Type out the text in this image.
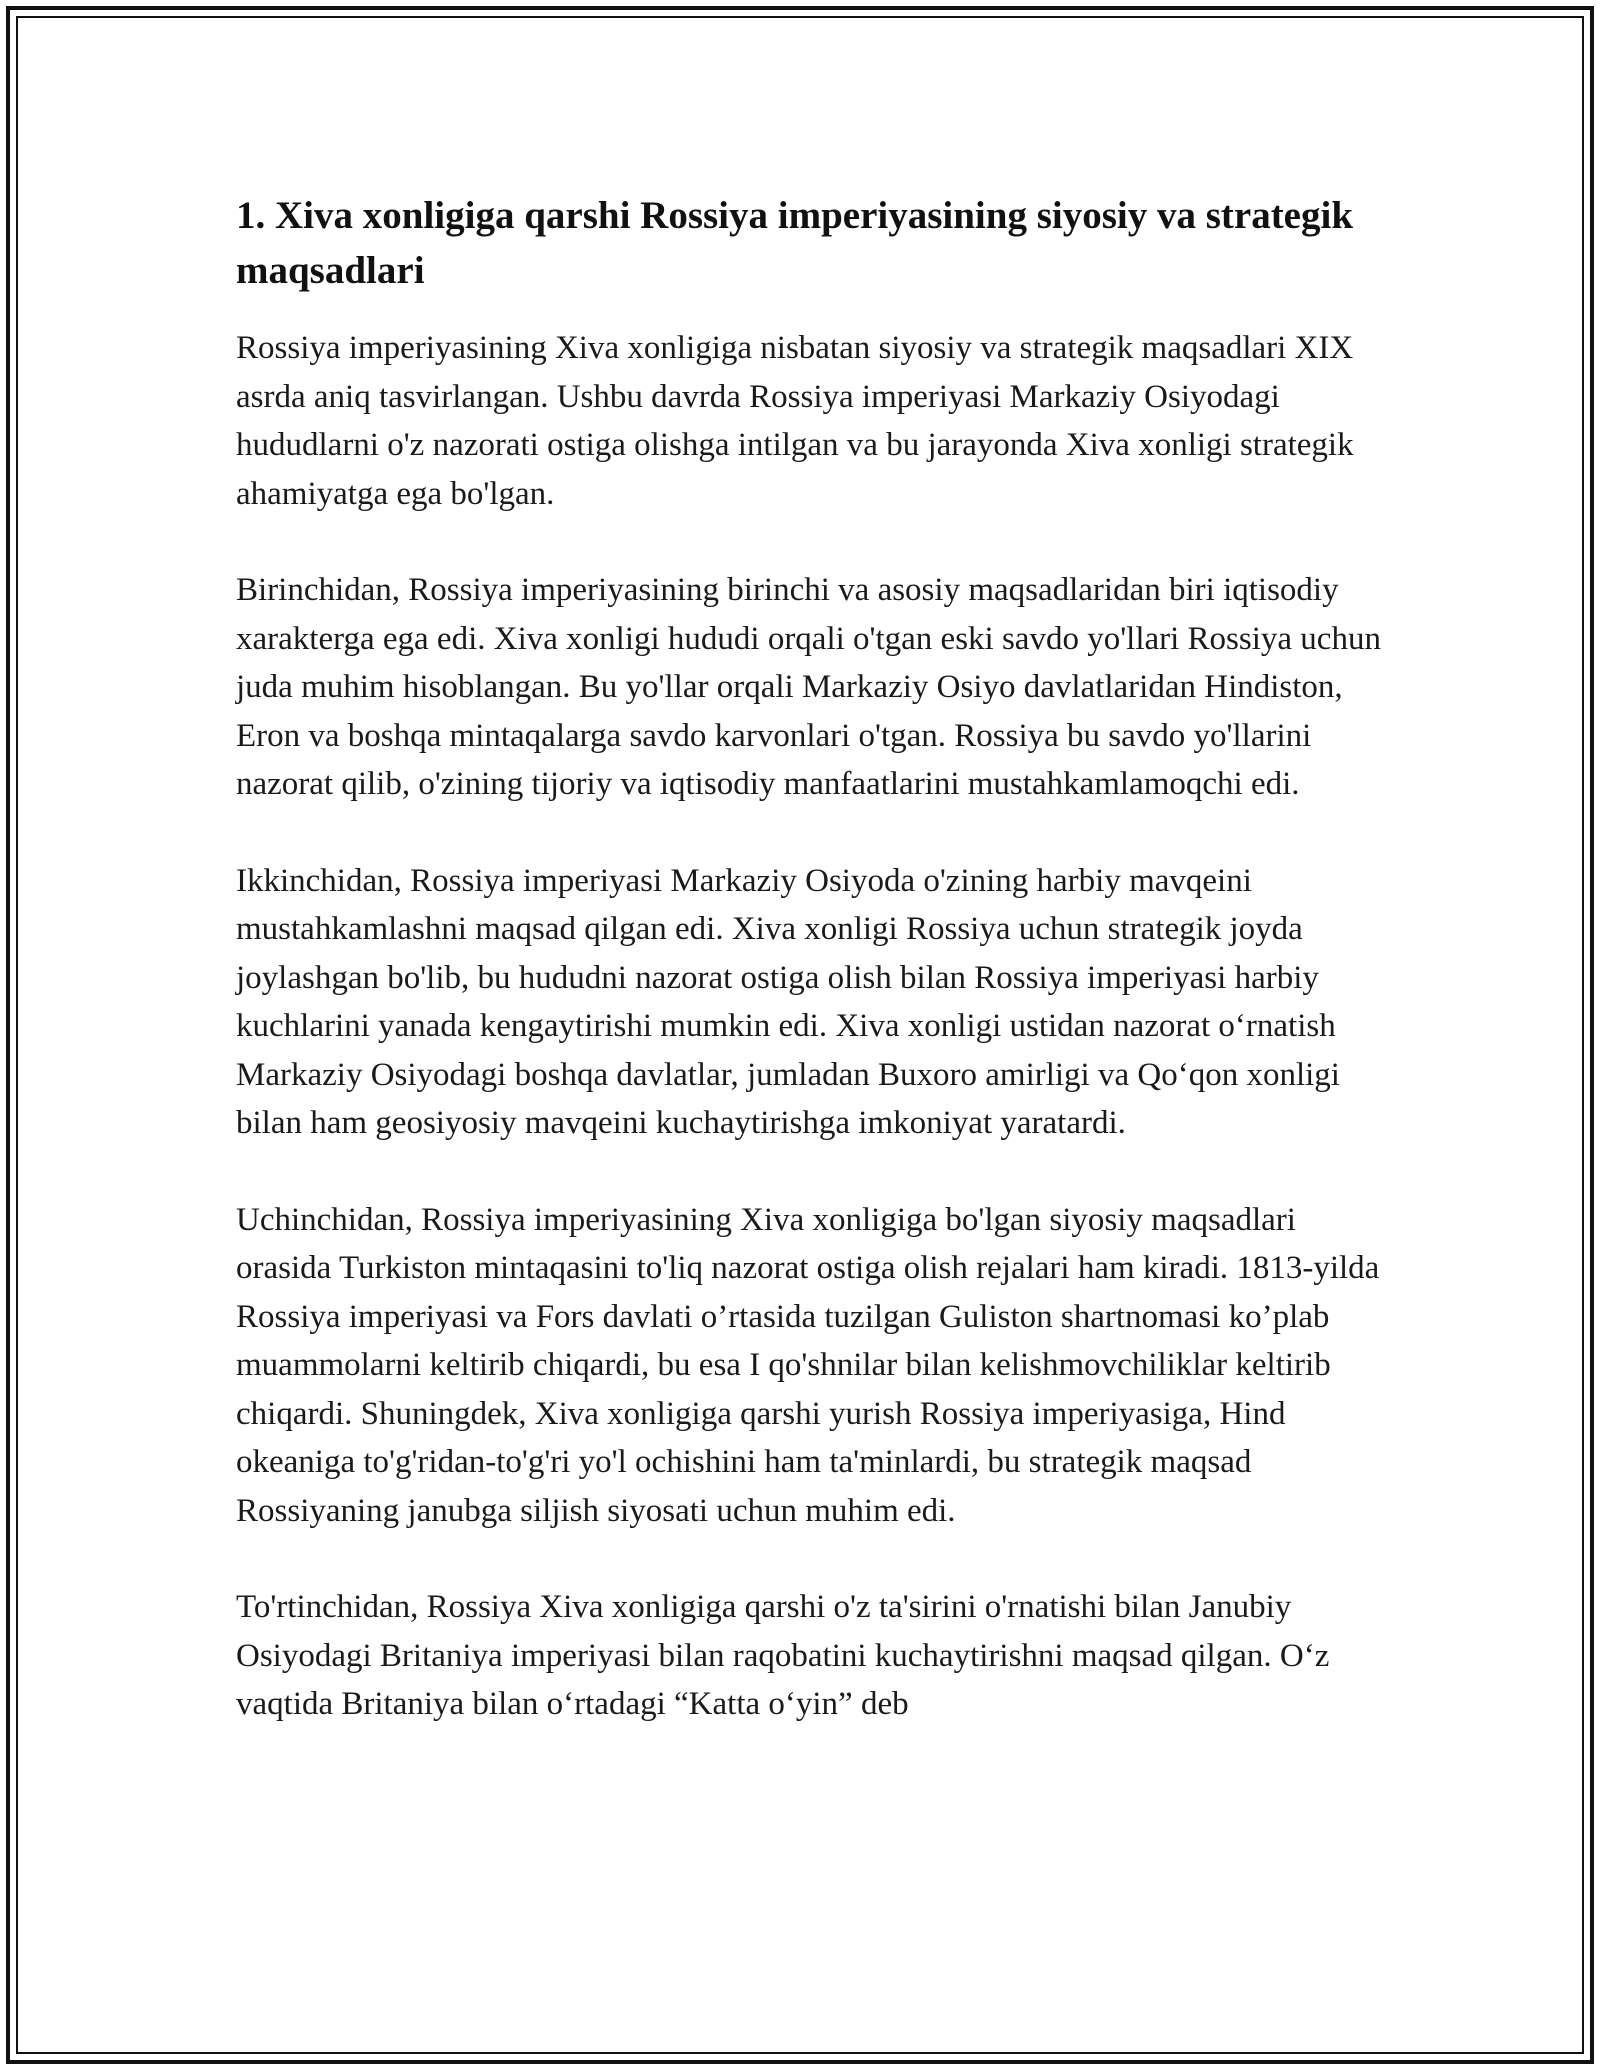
1. Xiva xonligiga qarshi Rossiya imperiyasining siyosiy va strategik maqsadlari

Rossiya imperiyasining Xiva xonligiga nisbatan siyosiy va strategik maqsadlari XIX asrda aniq tasvirlangan. Ushbu davrda Rossiya imperiyasi Markaziy Osiyodagi hududlarni o'z nazorati ostiga olishga intilgan va bu jarayonda Xiva xonligi strategik ahamiyatga ega bo'lgan.

Birinchidan, Rossiya imperiyasining birinchi va asosiy maqsadlaridan biri iqtisodiy xarakterga ega edi. Xiva xonligi hududi orqali o'tgan eski savdo yo'llari Rossiya uchun juda muhim hisoblangan. Bu yo'llar orqali Markaziy Osiyo davlatlaridan Hindiston, Eron va boshqa mintaqalarga savdo karvonlari o'tgan. Rossiya bu savdo yo'llarini nazorat qilib, o'zining tijoriy va iqtisodiy manfaatlarini mustahkamlamoqchi edi.

Ikkinchidan, Rossiya imperiyasi Markaziy Osiyoda o'zining harbiy mavqeini mustahkamlashni maqsad qilgan edi. Xiva xonligi Rossiya uchun strategik joyda joylashgan bo'lib, bu hududni nazorat ostiga olish bilan Rossiya imperiyasi harbiy kuchlarini yanada kengaytirishi mumkin edi. Xiva xonligi ustidan nazorat o‘rnatish Markaziy Osiyodagi boshqa davlatlar, jumladan Buxoro amirligi va Qo‘qon xonligi bilan ham geosiyosiy mavqeini kuchaytirishga imkoniyat yaratardi.

Uchinchidan, Rossiya imperiyasining Xiva xonligiga bo'lgan siyosiy maqsadlari orasida Turkiston mintaqasini to'liq nazorat ostiga olish rejalari ham kiradi. 1813-yilda Rossiya imperiyasi va Fors davlati o’rtasida tuzilgan Guliston shartnomasi ko’plab muammolarni keltirib chiqardi, bu esa I qo'shnilar bilan kelishmovchiliklar keltirib chiqardi. Shuningdek, Xiva xonligiga qarshi yurish Rossiya imperiyasiga, Hind okeaniga to'g'ridan-to'g'ri yo'l ochishini ham ta'minlardi, bu strategik maqsad Rossiyaning janubga siljish siyosati uchun muhim edi.

To'rtinchidan, Rossiya Xiva xonligiga qarshi o'z ta'sirini o'rnatishi bilan Janubiy Osiyodagi Britaniya imperiyasi bilan raqobatini kuchaytirishni maqsad qilgan. O‘z vaqtida Britaniya bilan o‘rtadagi “Katta o‘yin” deb
